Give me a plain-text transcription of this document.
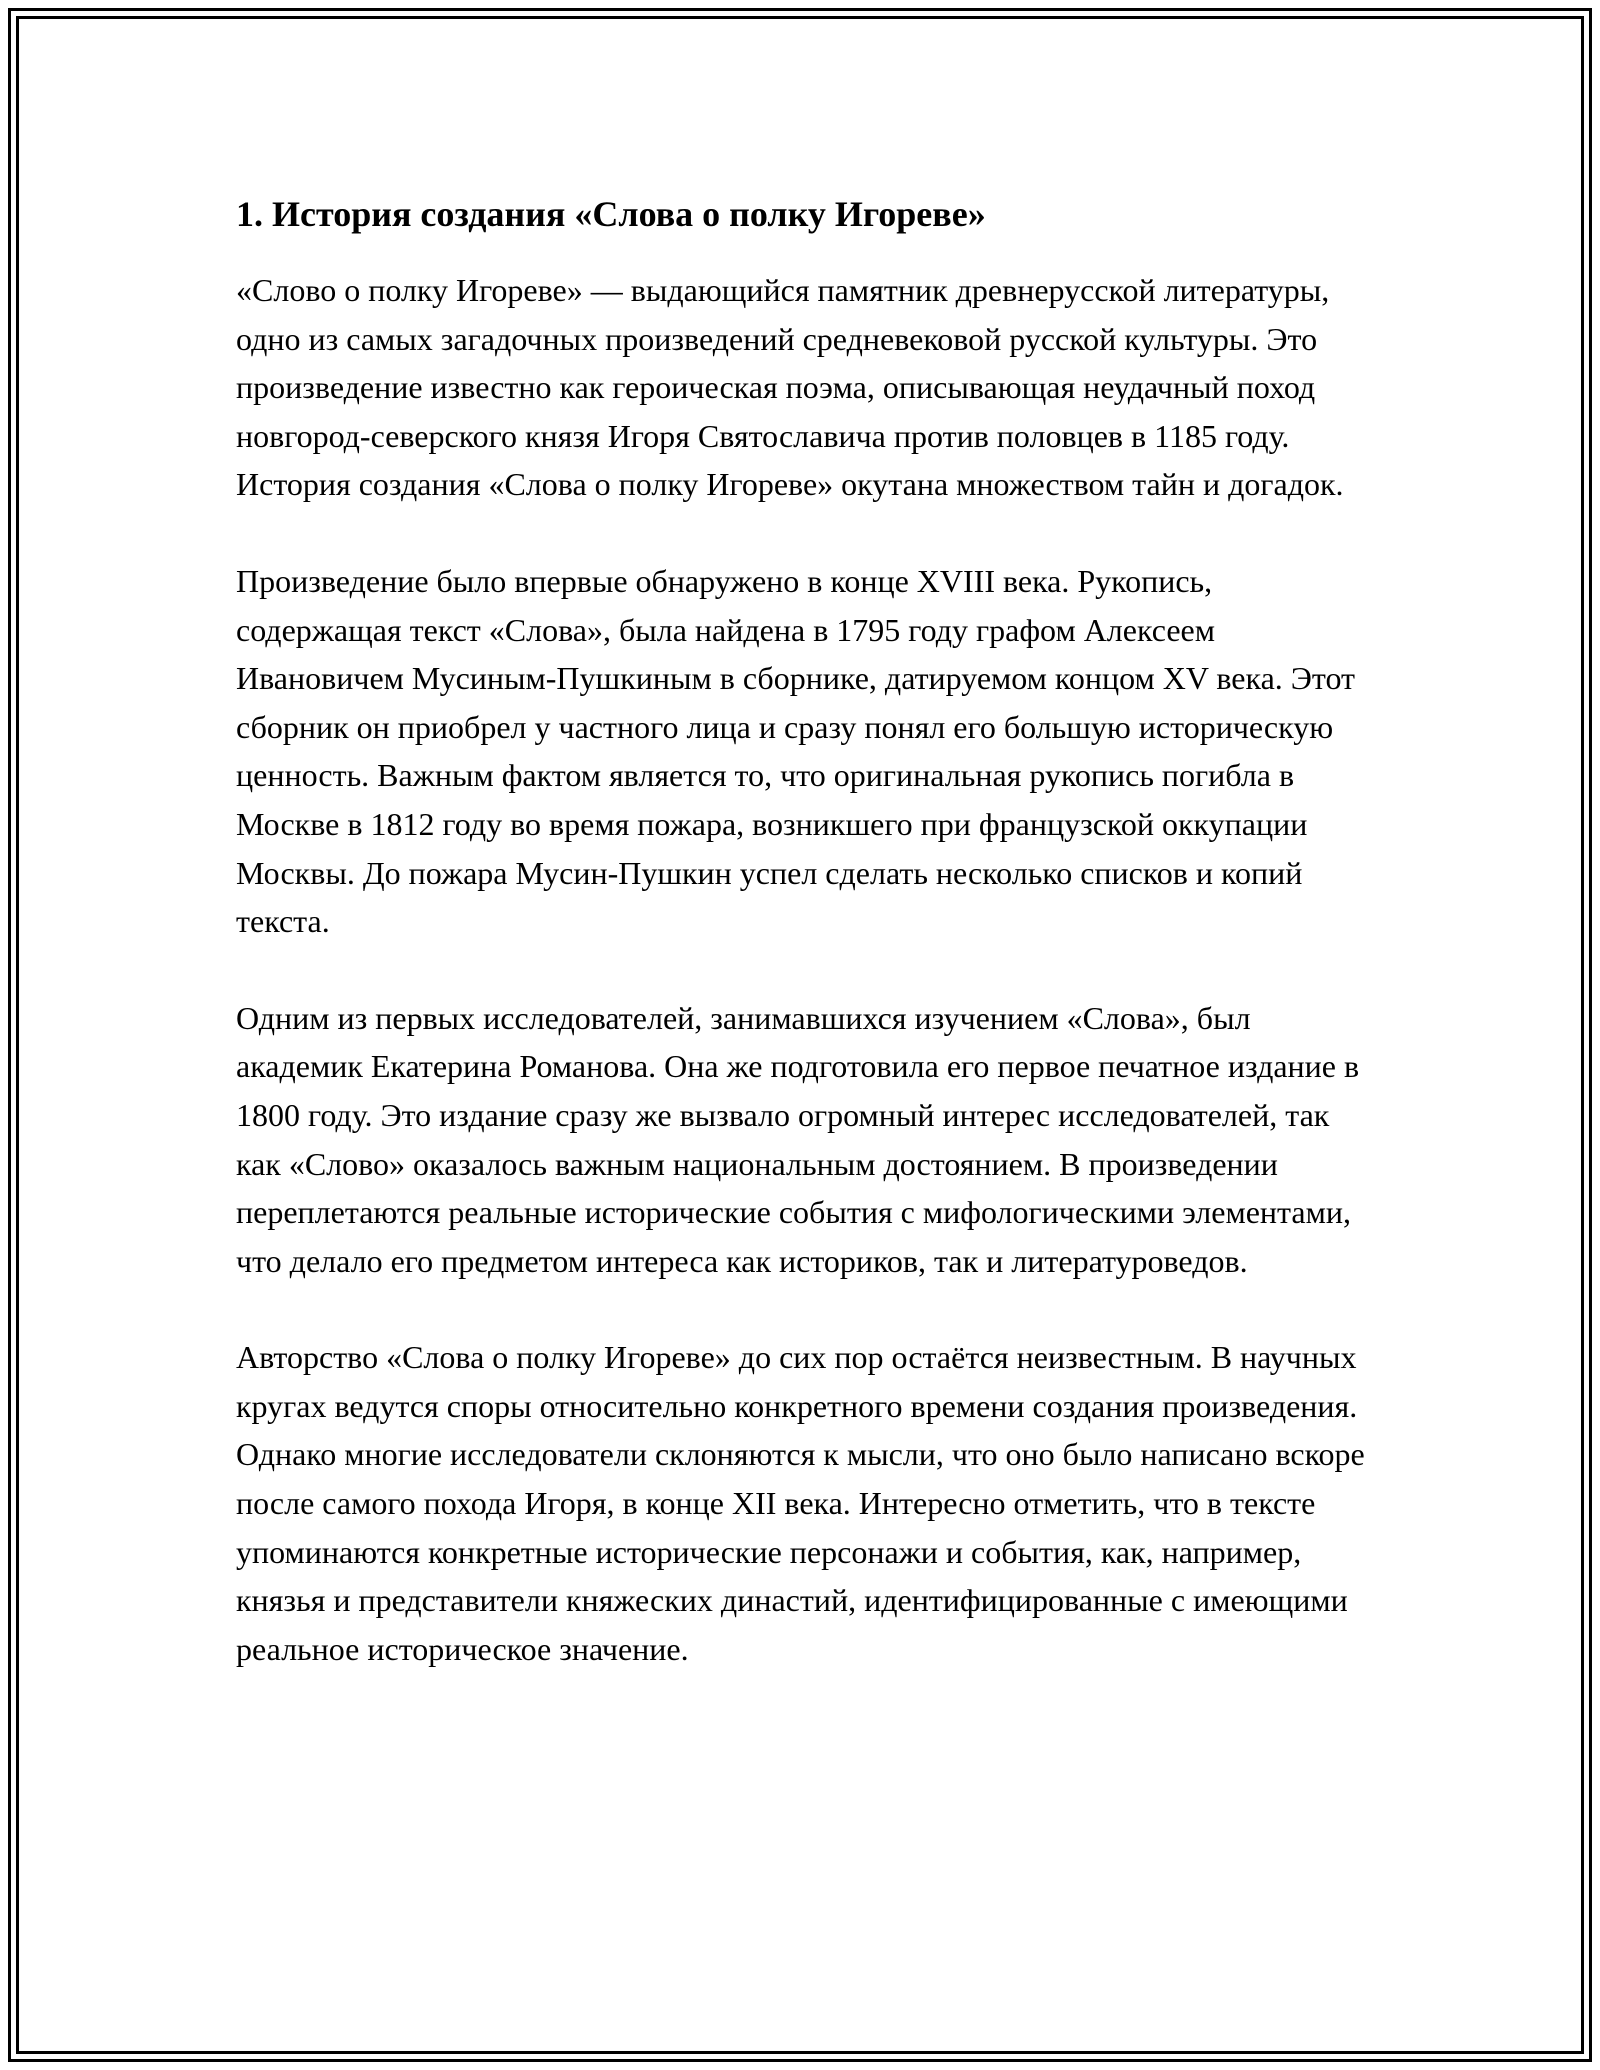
1. История создания «Слова о полку Игореве»

«Слово о полку Игореве» — выдающийся памятник древнерусской литературы, одно из самых загадочных произведений средневековой русской культуры. Это произведение известно как героическая поэма, описывающая неудачный поход новгород-северского князя Игоря Святославича против половцев в 1185 году. История создания «Слова о полку Игореве» окутана множеством тайн и догадок.

Произведение было впервые обнаружено в конце XVIII века. Рукопись, содержащая текст «Слова», была найдена в 1795 году графом Алексеем Ивановичем Мусиным-Пушкиным в сборнике, датируемом концом XV века. Этот сборник он приобрел у частного лица и сразу понял его большую историческую ценность. Важным фактом является то, что оригинальная рукопись погибла в Москве в 1812 году во время пожара, возникшего при французской оккупации Москвы. До пожара Мусин-Пушкин успел сделать несколько списков и копий текста.

Одним из первых исследователей, занимавшихся изучением «Слова», был академик Екатерина Романова. Она же подготовила его первое печатное издание в 1800 году. Это издание сразу же вызвало огромный интерес исследователей, так как «Слово» оказалось важным национальным достоянием. В произведении переплетаются реальные исторические события с мифологическими элементами, что делало его предметом интереса как историков, так и литературоведов.

Авторство «Слова о полку Игореве» до сих пор остаётся неизвестным. В научных кругах ведутся споры относительно конкретного времени создания произведения. Однако многие исследователи склоняются к мысли, что оно было написано вскоре после самого похода Игоря, в конце XII века. Интересно отметить, что в тексте упоминаются конкретные исторические персонажи и события, как, например, князья и представители княжеских династий, идентифицированные с имеющими реальное историческое значение.
